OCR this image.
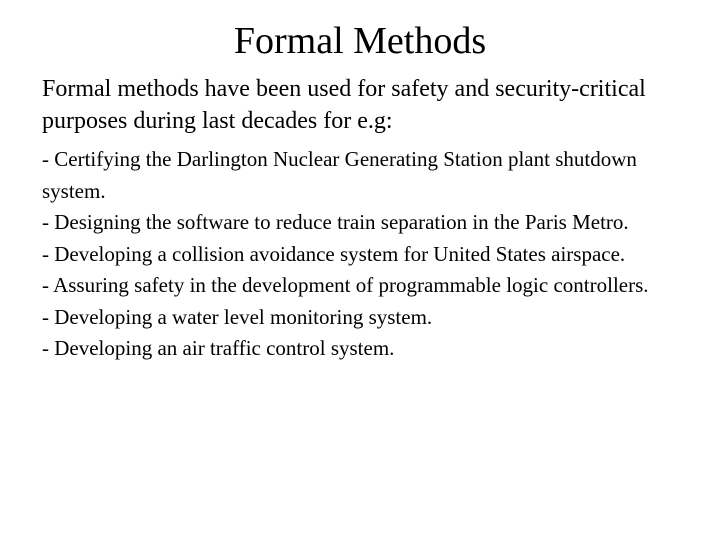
Formal Methods

Formal methods have been used for safety and security-critical purposes during last decades for e.g:

- Certifying the Darlington Nuclear Generating Station plant shutdown system.
- Designing the software to reduce train separation in the Paris Metro.
- Developing a collision avoidance system for United States airspace.
- Assuring safety in the development of programmable logic controllers.
- Developing a water level monitoring system.
- Developing an air traffic control system.
